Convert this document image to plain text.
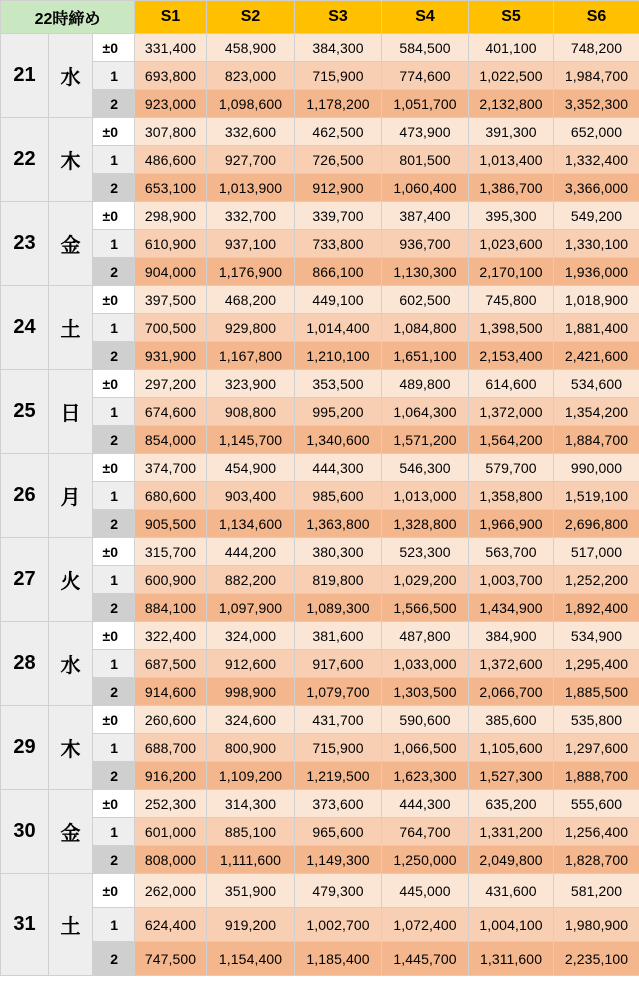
22時締め			S1	S2	S3	S4	S5	S6
21	水	±0	331,400	458,900	384,300	584,500	401,100	748,200
		1	693,800	823,000	715,900	774,600	1,022,500	1,984,700
		2	923,000	1,098,600	1,178,200	1,051,700	2,132,800	3,352,300
22	木	±0	307,800	332,600	462,500	473,900	391,300	652,000
		1	486,600	927,700	726,500	801,500	1,013,400	1,332,400
		2	653,100	1,013,900	912,900	1,060,400	1,386,700	3,366,000
23	金	±0	298,900	332,700	339,700	387,400	395,300	549,200
		1	610,900	937,100	733,800	936,700	1,023,600	1,330,100
		2	904,000	1,176,900	866,100	1,130,300	2,170,100	1,936,000
24	土	±0	397,500	468,200	449,100	602,500	745,800	1,018,900
		1	700,500	929,800	1,014,400	1,084,800	1,398,500	1,881,400
		2	931,900	1,167,800	1,210,100	1,651,100	2,153,400	2,421,600
25	日	±0	297,200	323,900	353,500	489,800	614,600	534,600
		1	674,600	908,800	995,200	1,064,300	1,372,000	1,354,200
		2	854,000	1,145,700	1,340,600	1,571,200	1,564,200	1,884,700
26	月	±0	374,700	454,900	444,300	546,300	579,700	990,000
		1	680,600	903,400	985,600	1,013,000	1,358,800	1,519,100
		2	905,500	1,134,600	1,363,800	1,328,800	1,966,900	2,696,800
27	火	±0	315,700	444,200	380,300	523,300	563,700	517,000
		1	600,900	882,200	819,800	1,029,200	1,003,700	1,252,200
		2	884,100	1,097,900	1,089,300	1,566,500	1,434,900	1,892,400
28	水	±0	322,400	324,000	381,600	487,800	384,900	534,900
		1	687,500	912,600	917,600	1,033,000	1,372,600	1,295,400
		2	914,600	998,900	1,079,700	1,303,500	2,066,700	1,885,500
29	木	±0	260,600	324,600	431,700	590,600	385,600	535,800
		1	688,700	800,900	715,900	1,066,500	1,105,600	1,297,600
		2	916,200	1,109,200	1,219,500	1,623,300	1,527,300	1,888,700
30	金	±0	252,300	314,300	373,600	444,300	635,200	555,600
		1	601,000	885,100	965,600	764,700	1,331,200	1,256,400
		2	808,000	1,111,600	1,149,300	1,250,000	2,049,800	1,828,700
31	土	±0	262,000	351,900	479,300	445,000	431,600	581,200
		1	624,400	919,200	1,002,700	1,072,400	1,004,100	1,980,900
		2	747,500	1,154,400	1,185,400	1,445,700	1,311,600	2,235,100
